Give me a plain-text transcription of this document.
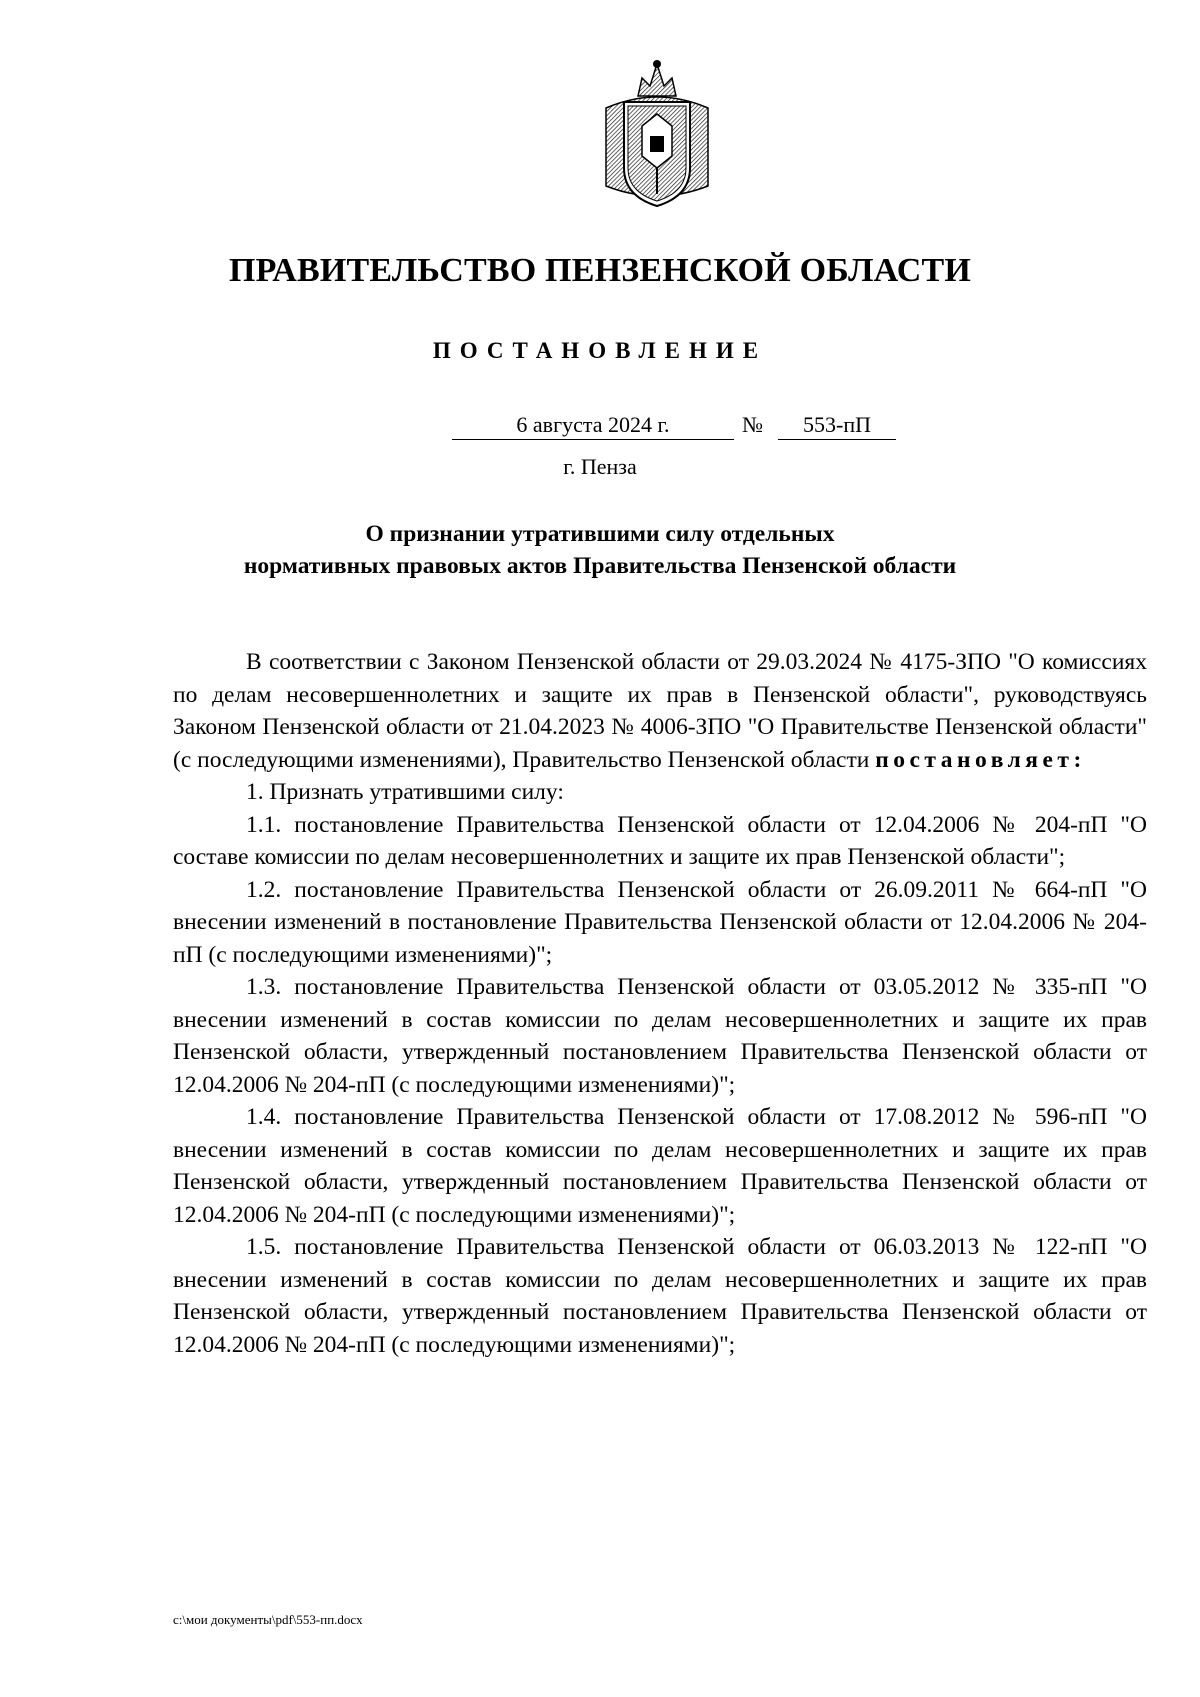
ПРАВИТЕЛЬСТВО ПЕНЗЕНСКОЙ ОБЛАСТИ
ПОСТАНОВЛЕНИЕ
6 августа 2024 г.	№	553-пП
г. Пенза
О признании утратившими силу отдельных
нормативных правовых актов Правительства Пензенской области

В соответствии с Законом Пензенской области от 29.03.2024 № 4175-ЗПО "О комиссиях по делам несовершеннолетних и защите их прав в Пензенской области", руководствуясь Законом Пензенской области от 21.04.2023 № 4006-ЗПО "О Правительстве Пензенской области" (с последующими изменениями), Правительство Пензенской области постановляет:

1. Признать утратившими силу:

1.1. постановление Правительства Пензенской области от 12.04.2006 № 204-пП "О составе комиссии по делам несовершеннолетних и защите их прав Пензенской области";

1.2. постановление Правительства Пензенской области от 26.09.2011 № 664-пП "О внесении изменений в постановление Правительства Пензенской области от 12.04.2006 № 204-пП (с последующими изменениями)";

1.3. постановление Правительства Пензенской области от 03.05.2012 № 335-пП "О внесении изменений в состав комиссии по делам несовершеннолетних и защите их прав Пензенской области, утвержденный постановлением Правительства Пензенской области от 12.04.2006 № 204-пП (с последующими изменениями)";

1.4. постановление Правительства Пензенской области от 17.08.2012 № 596-пП "О внесении изменений в состав комиссии по делам несовершеннолетних и защите их прав Пензенской области, утвержденный постановлением Правительства Пензенской области от 12.04.2006 № 204-пП (с последующими изменениями)";

1.5. постановление Правительства Пензенской области от 06.03.2013 № 122-пП "О внесении изменений в состав комиссии по делам несовершеннолетних и защите их прав Пензенской области, утвержденный постановлением Правительства Пензенской области от 12.04.2006 № 204-пП (с последующими изменениями)";

c:\мои документы\pdf\553-пп.docx
